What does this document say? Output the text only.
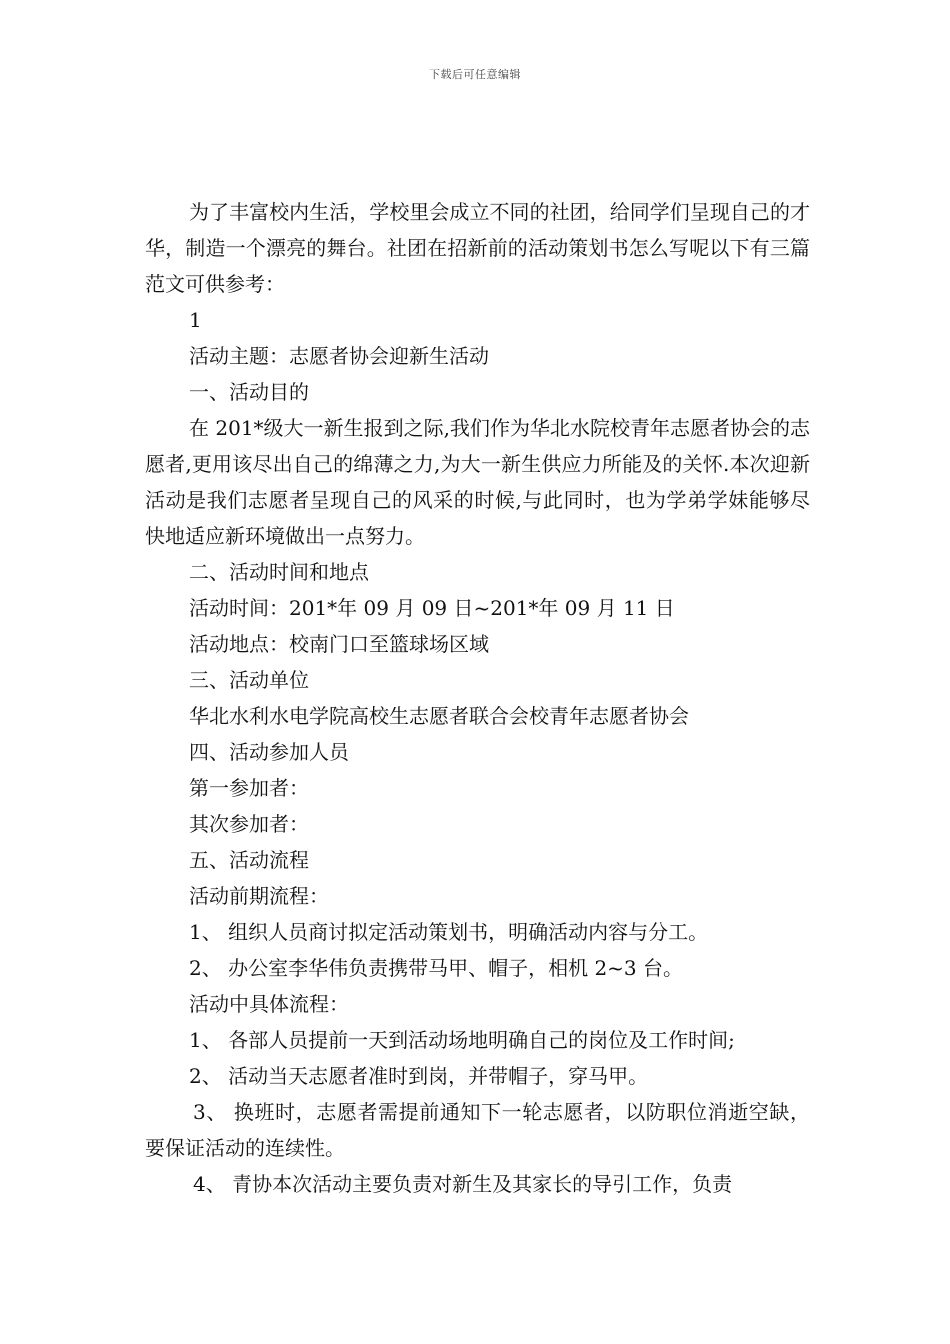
下载后可任意编辑

为了丰富校内生活，学校里会成立不同的社团，给同学们呈现自己的才华，制造一个漂亮的舞台。社团在招新前的活动策划书怎么写呢以下有三篇范文可供参考：

1

活动主题：志愿者协会迎新生活动

一、活动目的

在 201*级大一新生报到之际,我们作为华北水院校青年志愿者协会的志愿者,更用该尽出自己的绵薄之力,为大一新生供应力所能及的关怀.本次迎新活动是我们志愿者呈现自己的风采的时候,与此同时，也为学弟学妹能够尽快地适应新环境做出一点努力。

二、活动时间和地点

活动时间：201*年 09 月 09 日~201*年 09 月 11 日

活动地点：校南门口至篮球场区域

三、活动单位

华北水利水电学院高校生志愿者联合会校青年志愿者协会

四、活动参加人员

第一参加者：

其次参加者：

五、活动流程

活动前期流程：

1、 组织人员商讨拟定活动策划书，明确活动内容与分工。

2、 办公室李华伟负责携带马甲、帽子，相机 2~3 台。

活动中具体流程：

1、 各部人员提前一天到活动场地明确自己的岗位及工作时间;

2、 活动当天志愿者准时到岗，并带帽子，穿马甲。

3、 换班时，志愿者需提前通知下一轮志愿者，以防职位消逝空缺，要保证活动的连续性。

4、 青协本次活动主要负责对新生及其家长的导引工作，负责
